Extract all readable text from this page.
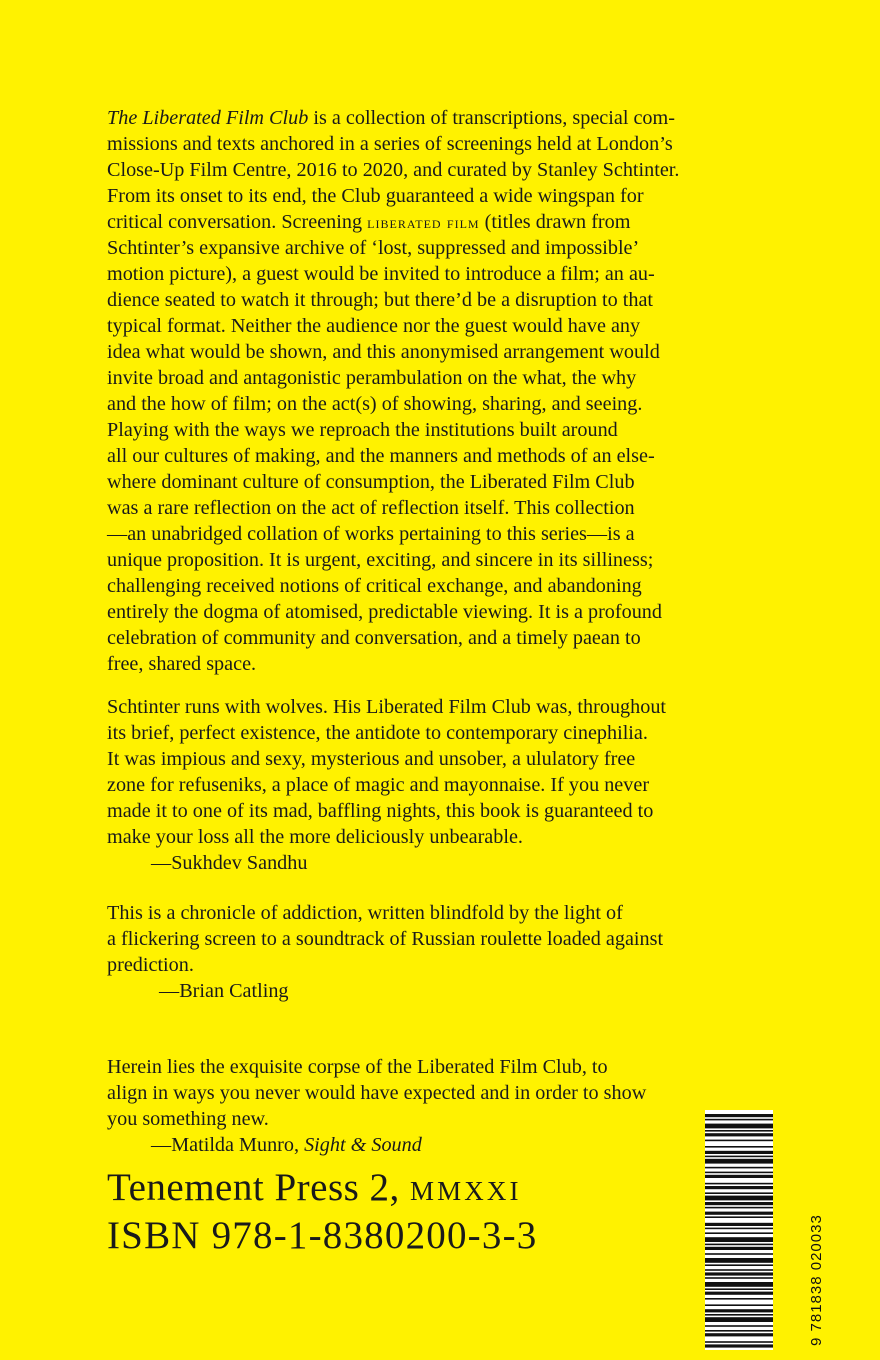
The Liberated Film Club is a collection of transcriptions, special com-
missions and texts anchored in a series of screenings held at London’s
Close-Up Film Centre, 2016 to 2020, and curated by Stanley Schtinter.
From its onset to its end, the Club guaranteed a wide wingspan for
critical conversation. Screening liberated film (titles drawn from
Schtinter’s expansive archive of ‘lost, suppressed and impossible’
motion picture), a guest would be invited to introduce a film; an au-
dience seated to watch it through; but there’d be a disruption to that
typical format. Neither the audience nor the guest would have any
idea what would be shown, and this anonymised arrangement would
invite broad and antagonistic perambulation on the what, the why
and the how of film; on the act(s) of showing, sharing, and seeing.
Playing with the ways we reproach the institutions built around
all our cultures of making, and the manners and methods of an else-
where dominant culture of consumption, the Liberated Film Club
was a rare reflection on the act of reflection itself. This collection
—an unabridged collation of works pertaining to this series—is a
unique proposition. It is urgent, exciting, and sincere in its silliness;
challenging received notions of critical exchange, and abandoning
entirely the dogma of atomised, predictable viewing. It is a profound
celebration of community and conversation, and a timely paean to
free, shared space.
Schtinter runs with wolves. His Liberated Film Club was, throughout
its brief, perfect existence, the antidote to contemporary cinephilia.
It was impious and sexy, mysterious and unsober, a ululatory free
zone for refuseniks, a place of magic and mayonnaise. If you never
made it to one of its mad, baffling nights, this book is guaranteed to
make your loss all the more deliciously unbearable.
—Sukhdev Sandhu
This is a chronicle of addiction, written blindfold by the light of
a flickering screen to a soundtrack of Russian roulette loaded against
prediction.
—Brian Catling
Herein lies the exquisite corpse of the Liberated Film Club, to
align in ways you never would have expected and in order to show
you something new.
—Matilda Munro, Sight & Sound
Tenement Press 2, mmxxi
ISBN 978-1-8380200-3-3	9 781838 020033
